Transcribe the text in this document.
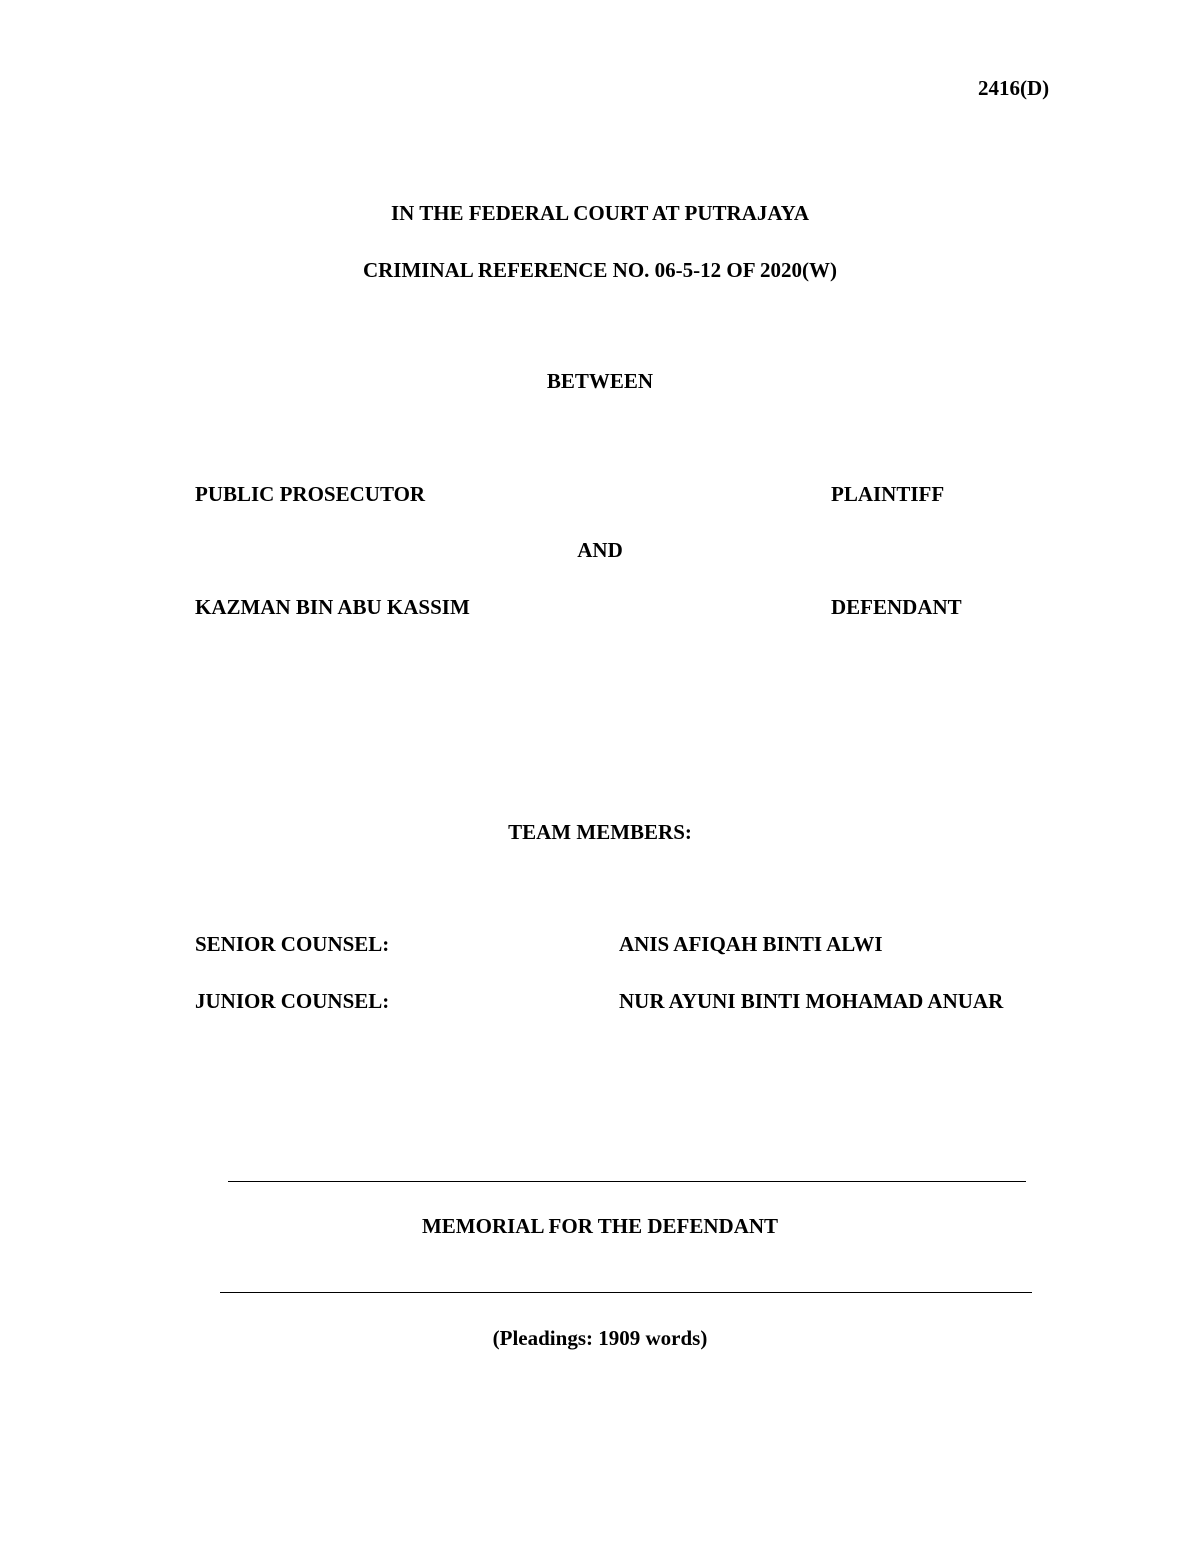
2416(D)
IN THE FEDERAL COURT AT PUTRAJAYA
CRIMINAL REFERENCE NO. 06-5-12 OF 2020(W)
BETWEEN
PUBLIC PROSECUTOR	PLAINTIFF
AND
KAZMAN BIN ABU KASSIM	DEFENDANT
TEAM MEMBERS:
SENIOR COUNSEL:	ANIS AFIQAH BINTI ALWI
JUNIOR COUNSEL:	NUR AYUNI BINTI MOHAMAD ANUAR
MEMORIAL FOR THE DEFENDANT
(Pleadings: 1909 words)
